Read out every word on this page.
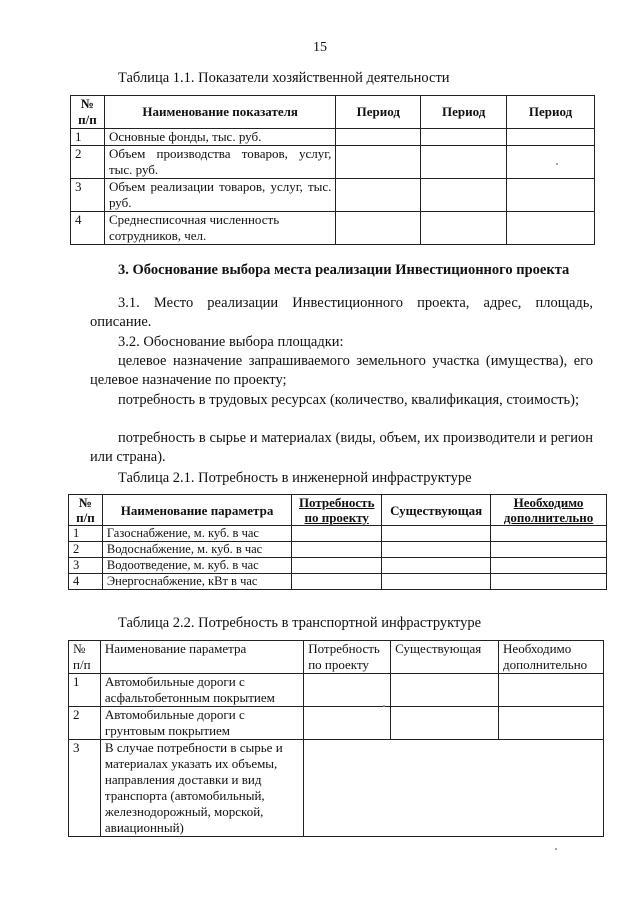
15
Таблица 1.1. Показатели хозяйственной деятельности
№ п/п	Наименование показателя	Период	Период	Период
1	Основные фонды, тыс. руб.			
2	Объем производства товаров, услуг, тыс. руб.			
3	Объем реализации товаров, услуг, тыс. руб.			
4	Среднесписочная численность сотрудников, чел.			
3. Обоснование выбора места реализации Инвестиционного проекта
3.1. Место реализации Инвестиционного проекта, адрес, площадь, описание.
3.2. Обоснование выбора площадки:
целевое назначение запрашиваемого земельного участка (имущества), его целевое назначение по проекту;
потребность в трудовых ресурсах (количество, квалификация, стоимость);
потребность в сырье и материалах (виды, объем, их производители и регион или страна).
Таблица 2.1. Потребность в инженерной инфраструктуре
№ п/п	Наименование параметра	Потребность по проекту	Существующая	Необходимо дополнительно
1	Газоснабжение, м. куб. в час			
2	Водоснабжение, м. куб. в час			
3	Водоотведение, м. куб. в час			
4	Энергоснабжение, кВт в час			
Таблица 2.2. Потребность в транспортной инфраструктуре
№ п/п	Наименование параметра	Потребность по проекту	Существующая	Необходимо дополнительно
1	Автомобильные дороги с асфальтобетонным покрытием			
2	Автомобильные дороги с грунтовым покрытием			
3	В случае потребности в сырье и материалах указать их объемы, направления доставки и вид транспорта (автомобильный, железнодорожный, морской, авиационный)			
